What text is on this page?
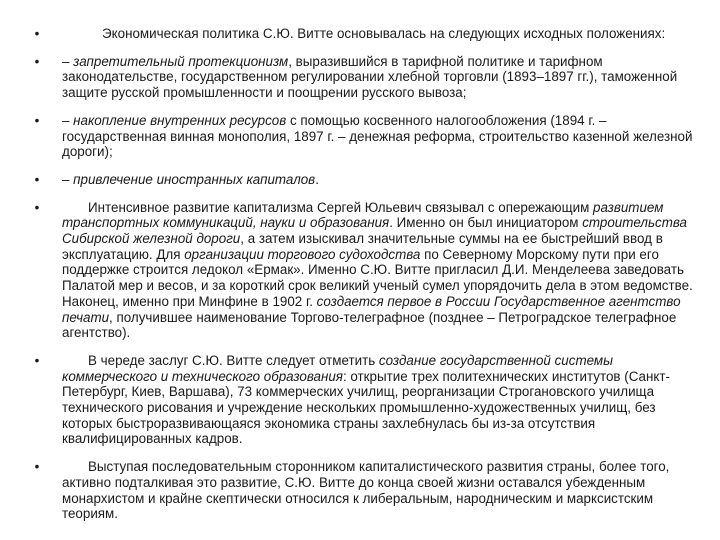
•	Экономическая политика С.Ю. Витте основывалась на следующих исходных положениях:
• – запретительный протекционизм, выразившийся в тарифной политике и тарифном законодательстве, государственном регулировании хлебной торговли (1893–1897 гг.), таможенной защите русской промышленности и поощрении русского вывоза;
• – накопление внутренних ресурсов с помощью косвенного налогообложения (1894 г. – государственная винная монополия, 1897 г. – денежная реформа, строительство казенной железной дороги);
• – привлечение иностранных капиталов.
•	Интенсивное развитие капитализма Сергей Юльевич связывал с опережающим развитием транспортных коммуникаций, науки и образования. Именно он был инициатором строительства Сибирской железной дороги, а затем изыскивал значительные суммы на ее быстрейший ввод в эксплуатацию. Для организации торгового судоходства по Северному Морскому пути при его поддержке строится ледокол «Ермак». Именно С.Ю. Витте пригласил Д.И. Менделеева заведовать Палатой мер и весов, и за короткий срок великий ученый сумел упорядочить дела в этом ведомстве. Наконец, именно при Минфине в 1902 г. создается первое в России Государственное агентство печати, получившее наименование Торгово-телеграфное (позднее – Петроградское телеграфное агентство).
•	В череде заслуг С.Ю. Витте следует отметить создание государственной системы коммерческого и технического образования: открытие трех политехнических институтов (Санкт-Петербург, Киев, Варшава), 73 коммерческих училищ, реорганизации Строгановского училища технического рисования и учреждение нескольких промышленно-художественных училищ, без которых быстроразвивающаяся экономика страны захлебнулась бы из-за отсутствия квалифицированных кадров.
•	Выступая последовательным сторонником капиталистического развития страны, более того, активно подталкивая это развитие, С.Ю. Витте до конца своей жизни оставался убежденным монархистом и крайне скептически относился к либеральным, народническим и марксистским теориям.
